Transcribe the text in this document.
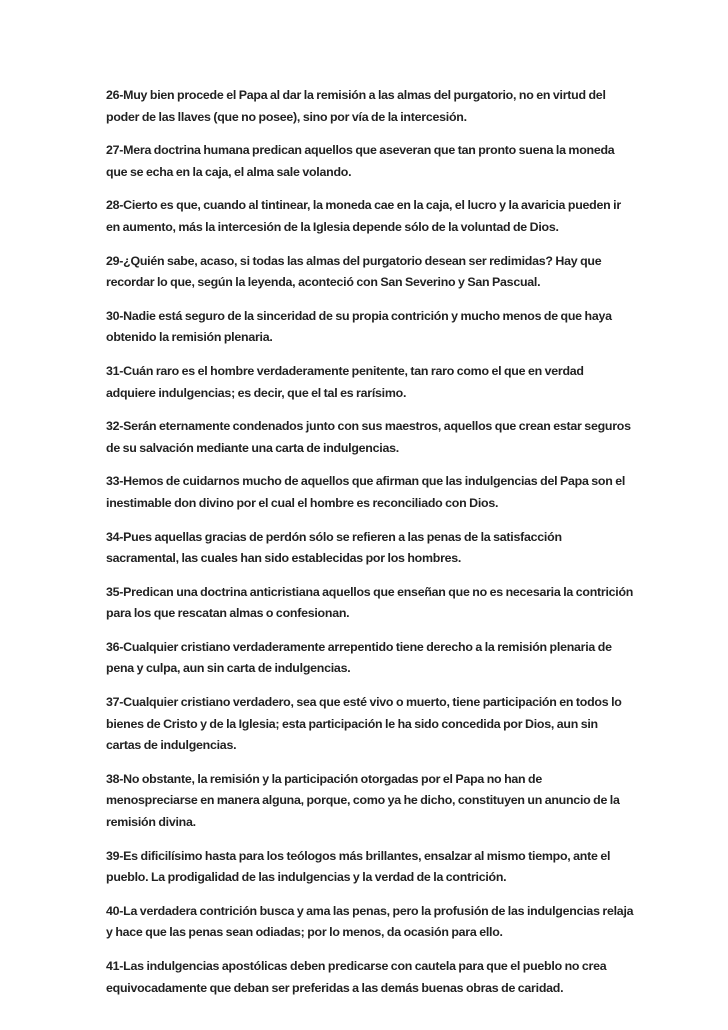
26-Muy bien procede el Papa al dar la remisión a las almas del purgatorio, no en virtud del poder de las llaves (que no posee), sino por vía de la intercesión.

27-Mera doctrina humana predican aquellos que aseveran que tan pronto suena la moneda que se echa en la caja, el alma sale volando.

28-Cierto es que, cuando al tintinear, la moneda cae en la caja, el lucro y la avaricia pueden ir en aumento, más la intercesión de la Iglesia depende sólo de la voluntad de Dios.

29-¿Quién sabe, acaso, si todas las almas del purgatorio desean ser redimidas? Hay que recordar lo que, según la leyenda, aconteció con San Severino y San Pascual.

30-Nadie está seguro de la sinceridad de su propia contrición y mucho menos de que haya obtenido la remisión plenaria.

31-Cuán raro es el hombre verdaderamente penitente, tan raro como el que en verdad adquiere indulgencias; es decir, que el tal es rarísimo.

32-Serán eternamente condenados junto con sus maestros, aquellos que crean estar seguros de su salvación mediante una carta de indulgencias.

33-Hemos de cuidarnos mucho de aquellos que afirman que las indulgencias del Papa son el inestimable don divino por el cual el hombre es reconciliado con Dios.

34-Pues aquellas gracias de perdón sólo se refieren a las penas de la satisfacción sacramental, las cuales han sido establecidas por los hombres.

35-Predican una doctrina anticristiana aquellos que enseñan que no es necesaria la contrición para los que rescatan almas o confesionan.

36-Cualquier cristiano verdaderamente arrepentido tiene derecho a la remisión plenaria de pena y culpa, aun sin carta de indulgencias.

37-Cualquier cristiano verdadero, sea que esté vivo o muerto, tiene participación en todos lo bienes de Cristo y de la Iglesia; esta participación le ha sido concedida por Dios, aun sin cartas de indulgencias.

38-No obstante, la remisión y la participación otorgadas por el Papa no han de menospreciarse en manera alguna, porque, como ya he dicho, constituyen un anuncio de la remisión divina.

39-Es dificilísimo hasta para los teólogos más brillantes, ensalzar al mismo tiempo, ante el pueblo. La prodigalidad de las indulgencias y la verdad de la contrición.

40-La verdadera contrición busca y ama las penas, pero la profusión de las indulgencias relaja y hace que las penas sean odiadas; por lo menos, da ocasión para ello.

41-Las indulgencias apostólicas deben predicarse con cautela para que el pueblo no crea equivocadamente que deban ser preferidas a las demás buenas obras de caridad.
